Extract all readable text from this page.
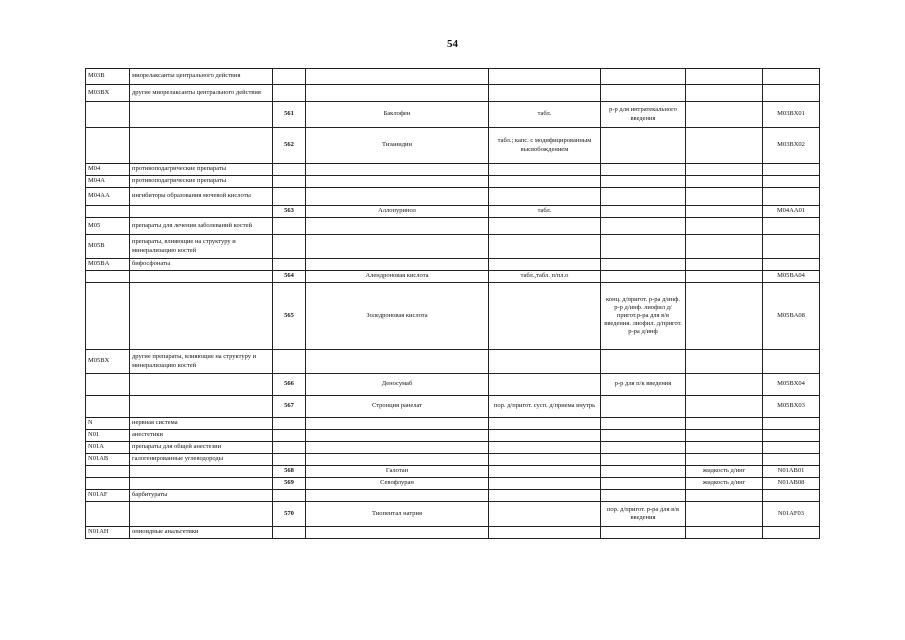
54
M03B	миорелаксанты центрального действия						
M03BX	другие миорелаксанты центрального действия						
		561	Баклофен	табл.	р-р для интратекального введения		M03BX01
		562	Тизанидин	табл.; капс. с модифицированным высвобождением			M03BX02
M04	противоподагрические препараты						
M04A	противоподагрические препараты						
M04AA	ингибиторы образования мочевой кислоты						
		563	Аллопуринол	табл.			M04AA01
M05	препараты для лечения заболеваний костей						
M05B	препараты, влияющие на структуру и минерализацию костей						
M05BA	бифосфонаты						
		564	Алендроновая кислота	табл.,табл. п/пл.о			M05BA04
		565	Золедроновая кислота		конц. д/пригот. р-ра д/инф. р-р д/инф. лиофил д/пригот.р-ра для в/в введения. лиофил. д/пригот. р-ра д/инф		M05BA08
M05BX	другие препараты, влияющие на структуру и минерализацию костей						
		566	Деносумаб		р-р для п/к введения		M05BX04
		567	Стронция ранелат	пор. д/пригот. сусп. д/приема внутрь			M05BX03
N	нервная система						
N01	анестетики						
N01A	препараты для общей анестезии						
N01AB	галогенированные углеводороды						
		568	Галотан			жидкость д/инг	N01AB01
		569	Севофлуран			жидкость д/инг	N01AB08
N01AF	барбитураты						
		570	Тиопентал натрия		пор. д/пригот. р-ра для в/в введения		N01AF03
N01AH	опиоидные анальгетики						
